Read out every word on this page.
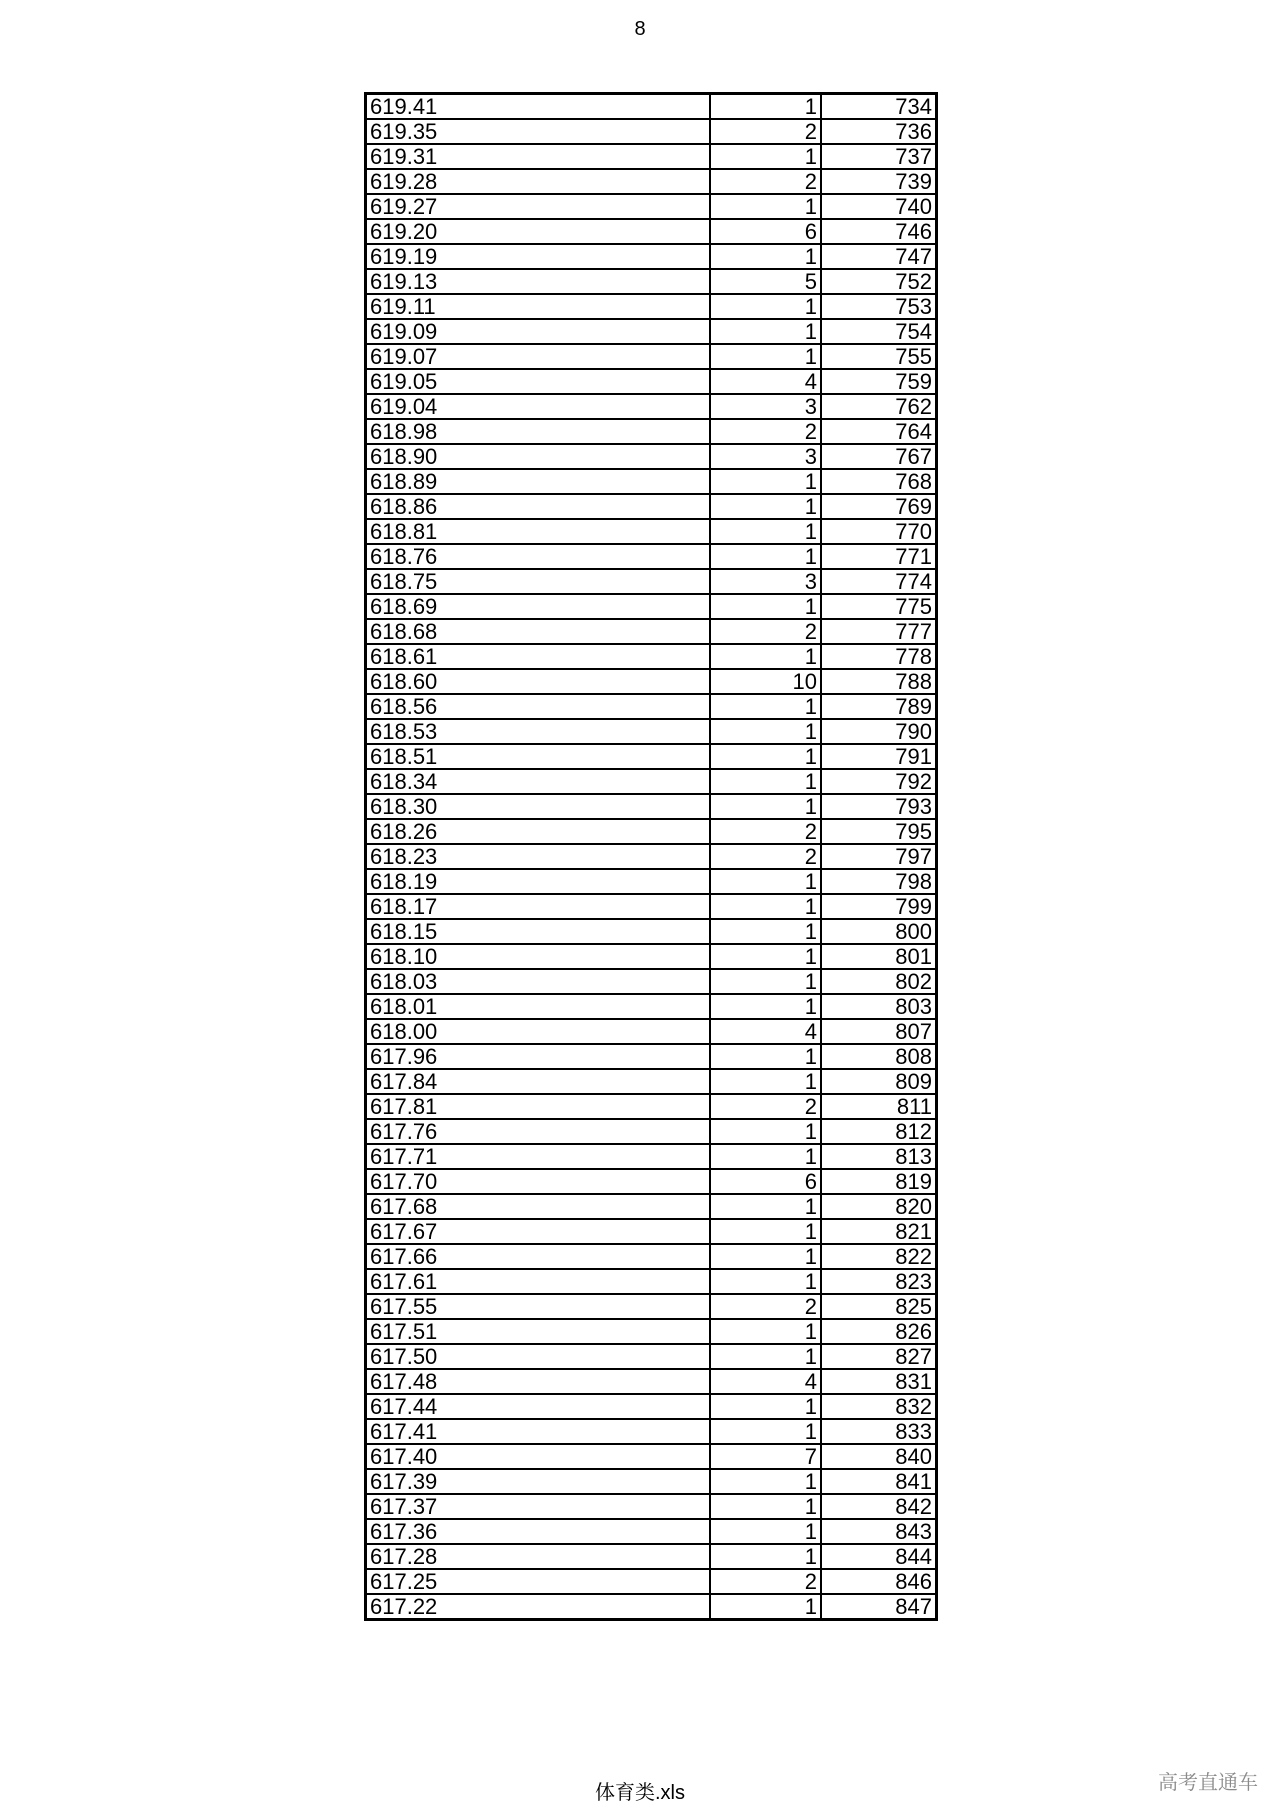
8
619.41	1	734
619.35	2	736
619.31	1	737
619.28	2	739
619.27	1	740
619.20	6	746
619.19	1	747
619.13	5	752
619.11	1	753
619.09	1	754
619.07	1	755
619.05	4	759
619.04	3	762
618.98	2	764
618.90	3	767
618.89	1	768
618.86	1	769
618.81	1	770
618.76	1	771
618.75	3	774
618.69	1	775
618.68	2	777
618.61	1	778
618.60	10	788
618.56	1	789
618.53	1	790
618.51	1	791
618.34	1	792
618.30	1	793
618.26	2	795
618.23	2	797
618.19	1	798
618.17	1	799
618.15	1	800
618.10	1	801
618.03	1	802
618.01	1	803
618.00	4	807
617.96	1	808
617.84	1	809
617.81	2	811
617.76	1	812
617.71	1	813
617.70	6	819
617.68	1	820
617.67	1	821
617.66	1	822
617.61	1	823
617.55	2	825
617.51	1	826
617.50	1	827
617.48	4	831
617.44	1	832
617.41	1	833
617.40	7	840
617.39	1	841
617.37	1	842
617.36	1	843
617.28	1	844
617.25	2	846
617.22	1	847
体育类.xls	高考直通车
